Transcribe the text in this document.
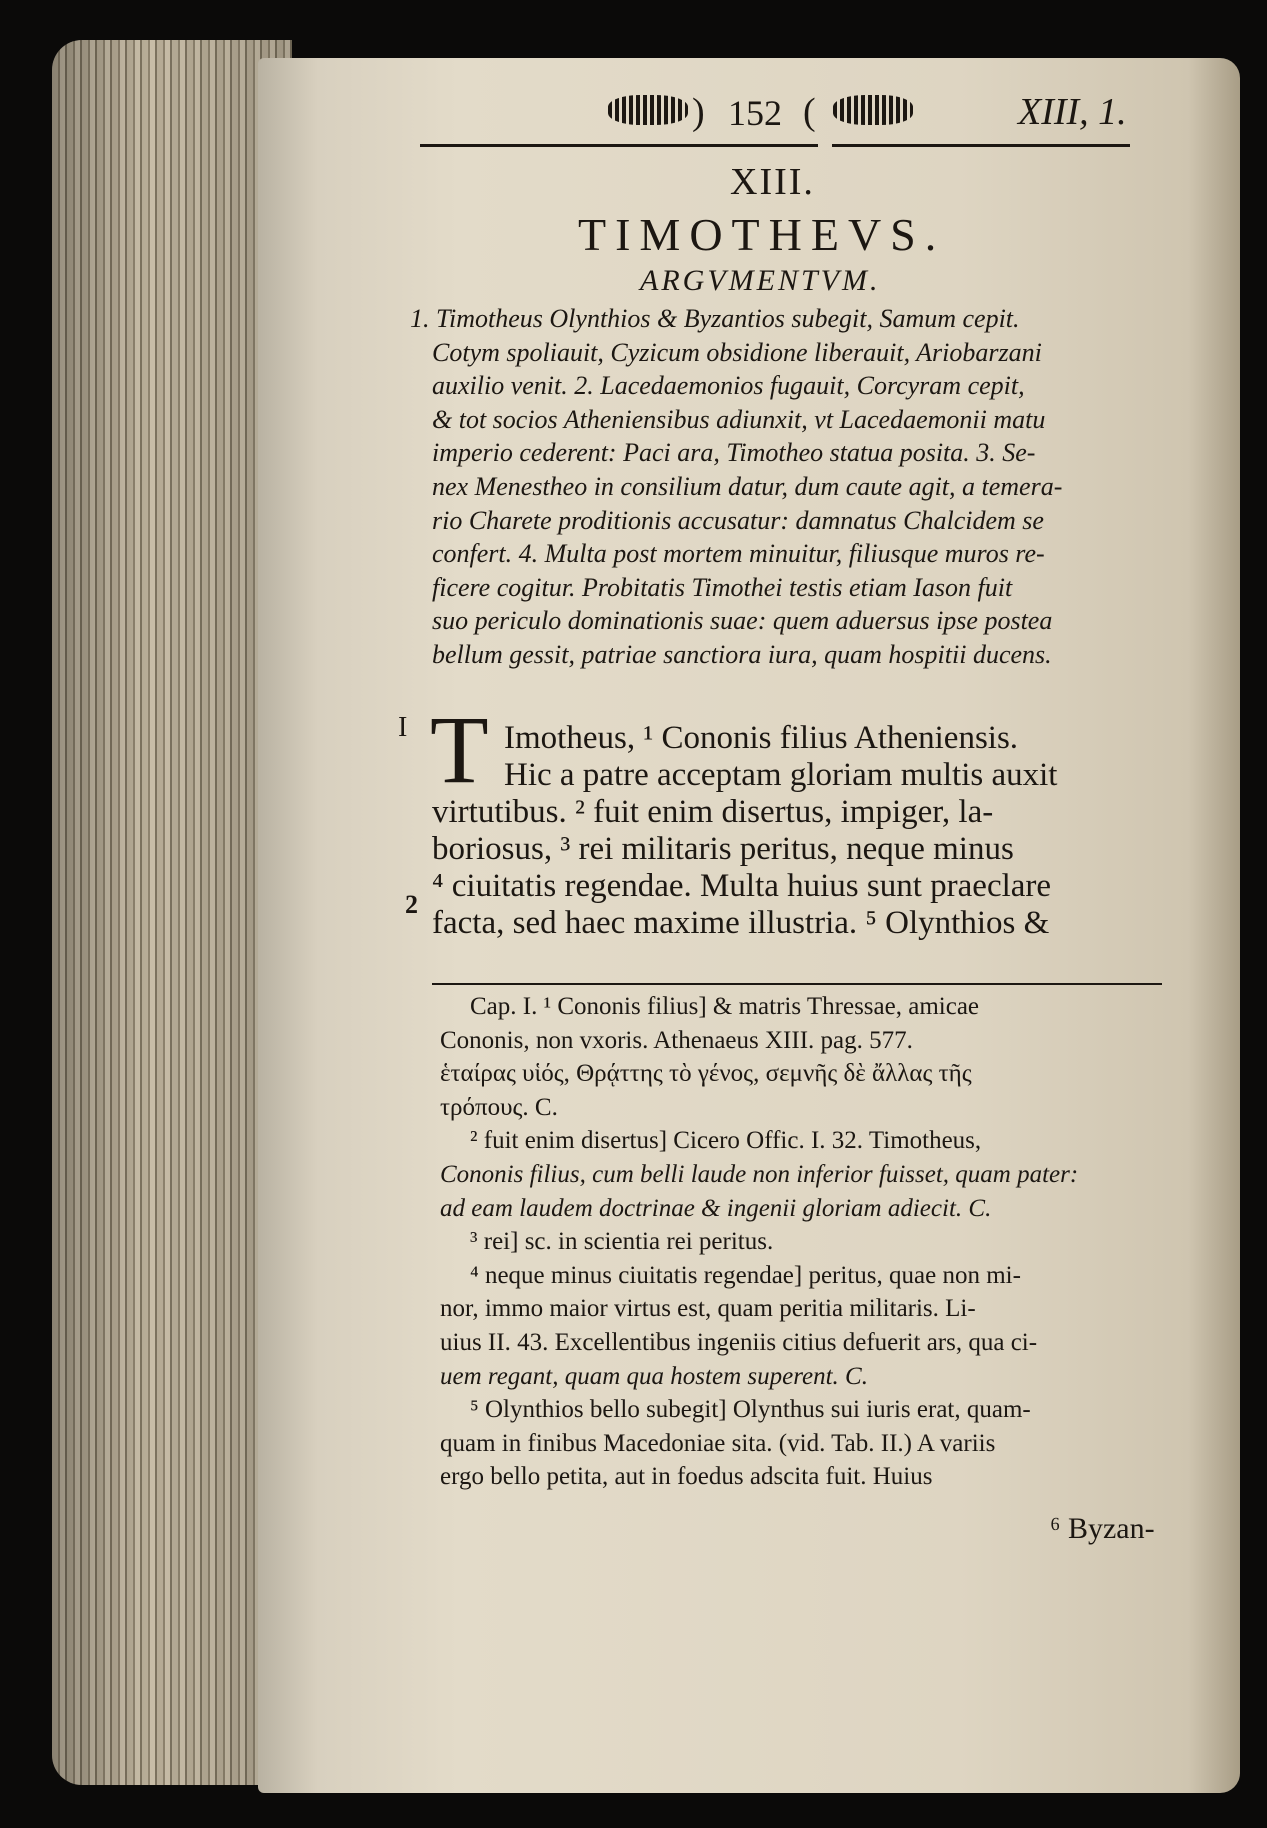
) 152 (	XIII, 1.
XIII.
TIMOTHEVS.
ARGVMENTVM.
1. Timotheus Olynthios & Byzantios subegit, Samum cepit.
Cotym spoliauit, Cyzicum obsidione liberauit, Ariobarzani
auxilio venit. 2. Lacedaemonios fugauit, Corcyram cepit,
& tot socios Atheniensibus adiunxit, vt Lacedaemonii matu
imperio cederent: Paci ara, Timotheo statua posita. 3. Se-
nex Menestheo in consilium datur, dum caute agit, a temera-
rio Charete proditionis accusatur: damnatus Chalcidem se
confert. 4. Multa post mortem minuitur, filiusque muros re-
ficere cogitur. Probitatis Timothei testis etiam Iason fuit
suo periculo dominationis suae: quem aduersus ipse postea
bellum gessit, patriae sanctiora iura, quam hospitii ducens.
I
2
T Imotheus, ¹ Cononis filius Atheniensis.
Hic a patre acceptam gloriam multis auxit
virtutibus. ² fuit enim disertus, impiger, la-
boriosus, ³ rei militaris peritus, neque minus
⁴ ciuitatis regendae. Multa huius sunt praeclare
facta, sed haec maxime illustria. ⁵ Olynthios &
Cap. I. ¹ Cononis filius] & matris Thressae, amicae
Cononis, non vxoris. Athenaeus XIII. pag. 577.
ἑταίρας υἱός, Θρᾴττης τὸ γένος, σεμνῆς δὲ ἄλλας τῆς
τρόπους. C.
² fuit enim disertus] Cicero Offic. I. 32. Timotheus,
Cononis filius, cum belli laude non inferior fuisset, quam pater:
ad eam laudem doctrinae & ingenii gloriam adiecit. C.
³ rei] sc. in scientia rei peritus.
⁴ neque minus ciuitatis regendae] peritus, quae non mi-
nor, immo maior virtus est, quam peritia militaris. Li-
uius II. 43. Excellentibus ingeniis citius defuerit ars, qua ci-
uem regant, quam qua hostem superent. C.
⁵ Olynthios bello subegit] Olynthus sui iuris erat, quam-
quam in finibus Macedoniae sita. (vid. Tab. II.) A variis
ergo bello petita, aut in foedus adscita fuit. Huius
⁶ Byzan-
